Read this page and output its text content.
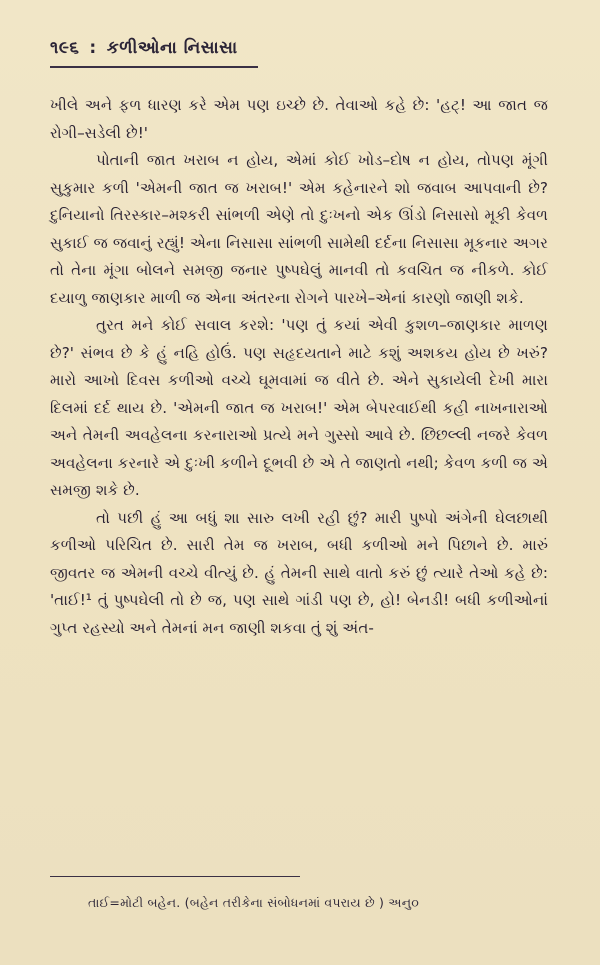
૧૯૬ : કળીઓના નિસાસા

ખીલે અને ફળ ધારણ કરે એમ પણ ઇચ્છે છે. તેવાઓ કહે છે: 'હટ્! આ જાત જ રોગી–સડેલી છે!'

પોતાની જાત ખરાબ ન હોય, એમાં કોઈ ખોડ–દોષ ન હોય, તોપણ મૂંગી સુકુમાર કળી 'એમની જાત જ ખરાબ!' એમ કહેનારને શો જવાબ આપવાની છે? દુનિયાનો તિરસ્કાર–મશ્કરી સાંભળી એણે તો દુઃખનો એક ઊંડો નિસાસો મૂકી કેવળ સુકાઈ જ જવાનું રહ્યું! એના નિસાસા સાંભળી સામેથી દર્દના નિસાસા મૂકનાર અગર તો તેના મૂંગા બોલને સમજી જનાર પુષ્પઘેલું માનવી તો કવચિત જ નીકળે. કોઈ દયાળુ જાણકાર માળી જ એના અંતરના રોગને પારખે–એનાં કારણો જાણી શકે.

તુરત મને કોઈ સવાલ કરશે: 'પણ તું કયાં એવી કુશળ–જાણકાર માળણ છે?' સંભવ છે કે હું નહિ હોઉં. પણ સહૃદયતાને માટે કશું અશકય હોય છે ખરું? મારો આખો દિવસ કળીઓ વચ્ચે ઘૂમવામાં જ વીતે છે. એને સુકાયેલી દેખી મારા દિલમાં દર્દ થાય છે. 'એમની જાત જ ખરાબ!' એમ બેપરવાઈથી કહી નાખનારાઓ અને તેમની અવહેલના કરનારાઓ પ્રત્યે મને ગુસ્સો આવે છે. છિછલ્લી નજરે કેવળ અવહેલના કરનારે એ દુઃખી કળીને દૂભવી છે એ તે જાણતો નથી; કેવળ કળી જ એ સમજી શકે છે.

તો પછી હું આ બધું શા સારુ લખી રહી છું? મારી પુષ્પો અંગેની ઘેલછાથી કળીઓ પરિચિત છે. સારી તેમ જ ખરાબ, બધી કળીઓ મને પિછાને છે. મારું જીવતર જ એમની વચ્ચે વીત્યું છે. હું તેમની સાથે વાતો કરું છું ત્યારે તેઓ કહે છે: 'તાઈ!¹ તું પુષ્પઘેલી તો છે જ, પણ સાથે ગાંડી પણ છે, હો! બેનડી! બધી કળીઓનાં ગુપ્ત રહસ્યો અને તેમનાં મન જાણી શકવા તું શું અંત-

તાઈ=મોટી બહેન. (બહેન તરીકેના સંબોધનમાં વપરાય છે ) અનુ૦
